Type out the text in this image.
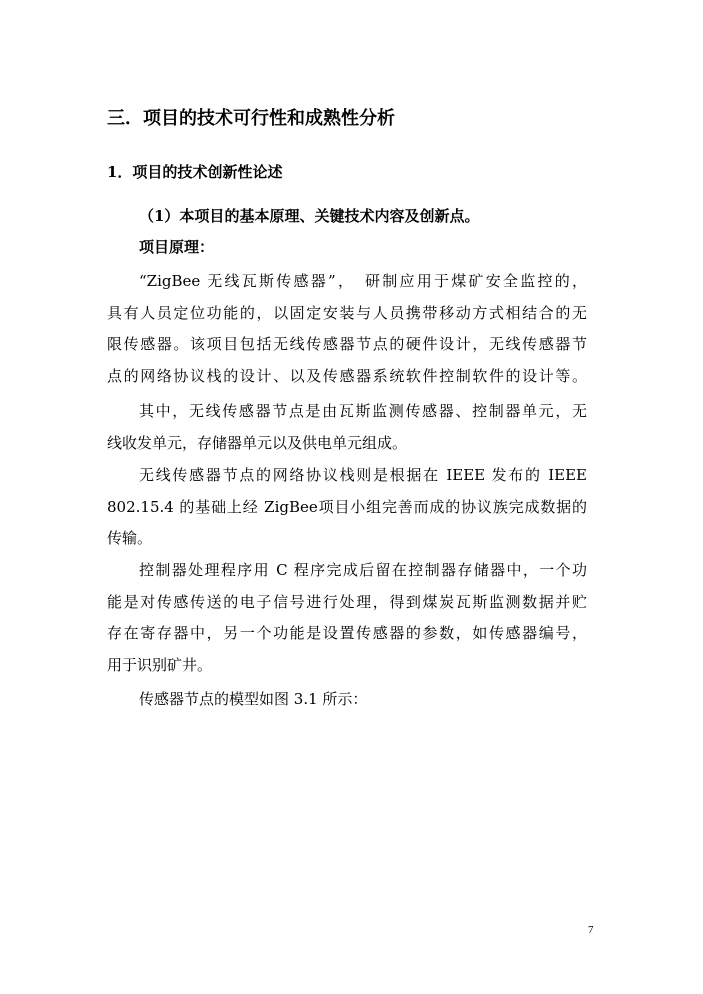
三．项目的技术可行性和成熟性分析
1．项目的技术创新性论述
（1）本项目的基本原理、关键技术内容及创新点。
项目原理：
“ZigBee 无线瓦斯传感器”，　研制应用于煤矿安全监控的，
具有人员定位功能的，以固定安装与人员携带移动方式相结合的无
限传感器。该项目包括无线传感器节点的硬件设计，无线传感器节
点的网络协议栈的设计、以及传感器系统软件控制软件的设计等。
其中，无线传感器节点是由瓦斯监测传感器、控制器单元，无
线收发单元，存储器单元以及供电单元组成。
无线传感器节点的网络协议栈则是根据在 IEEE 发布的 IEEE
802.15.4 的基础上经 ZigBee项目小组完善而成的协议族完成数据的
传输。
控制器处理程序用 C 程序完成后留在控制器存储器中，一个功
能是对传感传送的电子信号进行处理，得到煤炭瓦斯监测数据并贮
存在寄存器中，另一个功能是设置传感器的参数，如传感器编号，
用于识别矿井。
传感器节点的模型如图 3.1 所示：
7
